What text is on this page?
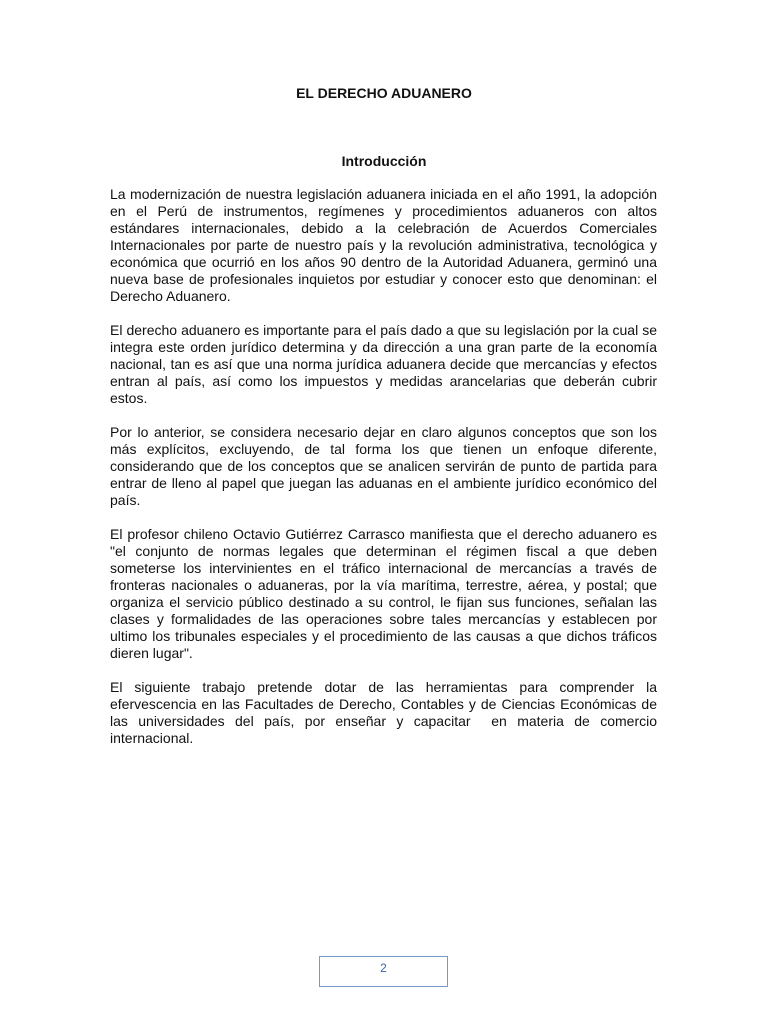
EL DERECHO ADUANERO
Introducción

La modernización de nuestra legislación aduanera iniciada en el año 1991, la adopción en el Perú de instrumentos, regímenes y procedimientos aduaneros con altos estándares internacionales, debido a la celebración de Acuerdos Comerciales Internacionales por parte de nuestro país y la revolución administrativa, tecnológica y económica que ocurrió en los años 90 dentro de la Autoridad Aduanera, germinó una nueva base de profesionales inquietos por estudiar y conocer esto que denominan: el Derecho Aduanero.

El derecho aduanero es importante para el país dado a que su legislación por la cual se integra este orden jurídico determina y da dirección a una gran parte de la economía nacional, tan es así que una norma jurídica aduanera decide que mercancías y efectos entran al país, así como los impuestos y medidas arancelarias que deberán cubrir estos.

Por lo anterior, se considera necesario dejar en claro algunos conceptos que son los más explícitos, excluyendo, de tal forma los que tienen un enfoque diferente, considerando que de los conceptos que se analicen servirán de punto de partida para entrar de lleno al papel que juegan las aduanas en el ambiente jurídico económico del país.

El profesor chileno Octavio Gutiérrez Carrasco manifiesta que el derecho aduanero es "el conjunto de normas legales que determinan el régimen fiscal a que deben someterse los intervinientes en el tráfico internacional de mercancías a través de fronteras nacionales o aduaneras, por la vía marítima, terrestre, aérea, y postal; que organiza el servicio público destinado a su control, le fijan sus funciones, señalan las clases y formalidades de las operaciones sobre tales mercancías y establecen por ultimo los tribunales especiales y el procedimiento de las causas a que dichos tráficos dieren lugar".

El siguiente trabajo pretende dotar de las herramientas para comprender la efervescencia en las Facultades de Derecho, Contables y de Ciencias Económicas de las universidades del país, por enseñar y capacitar  en materia de comercio internacional.

2
